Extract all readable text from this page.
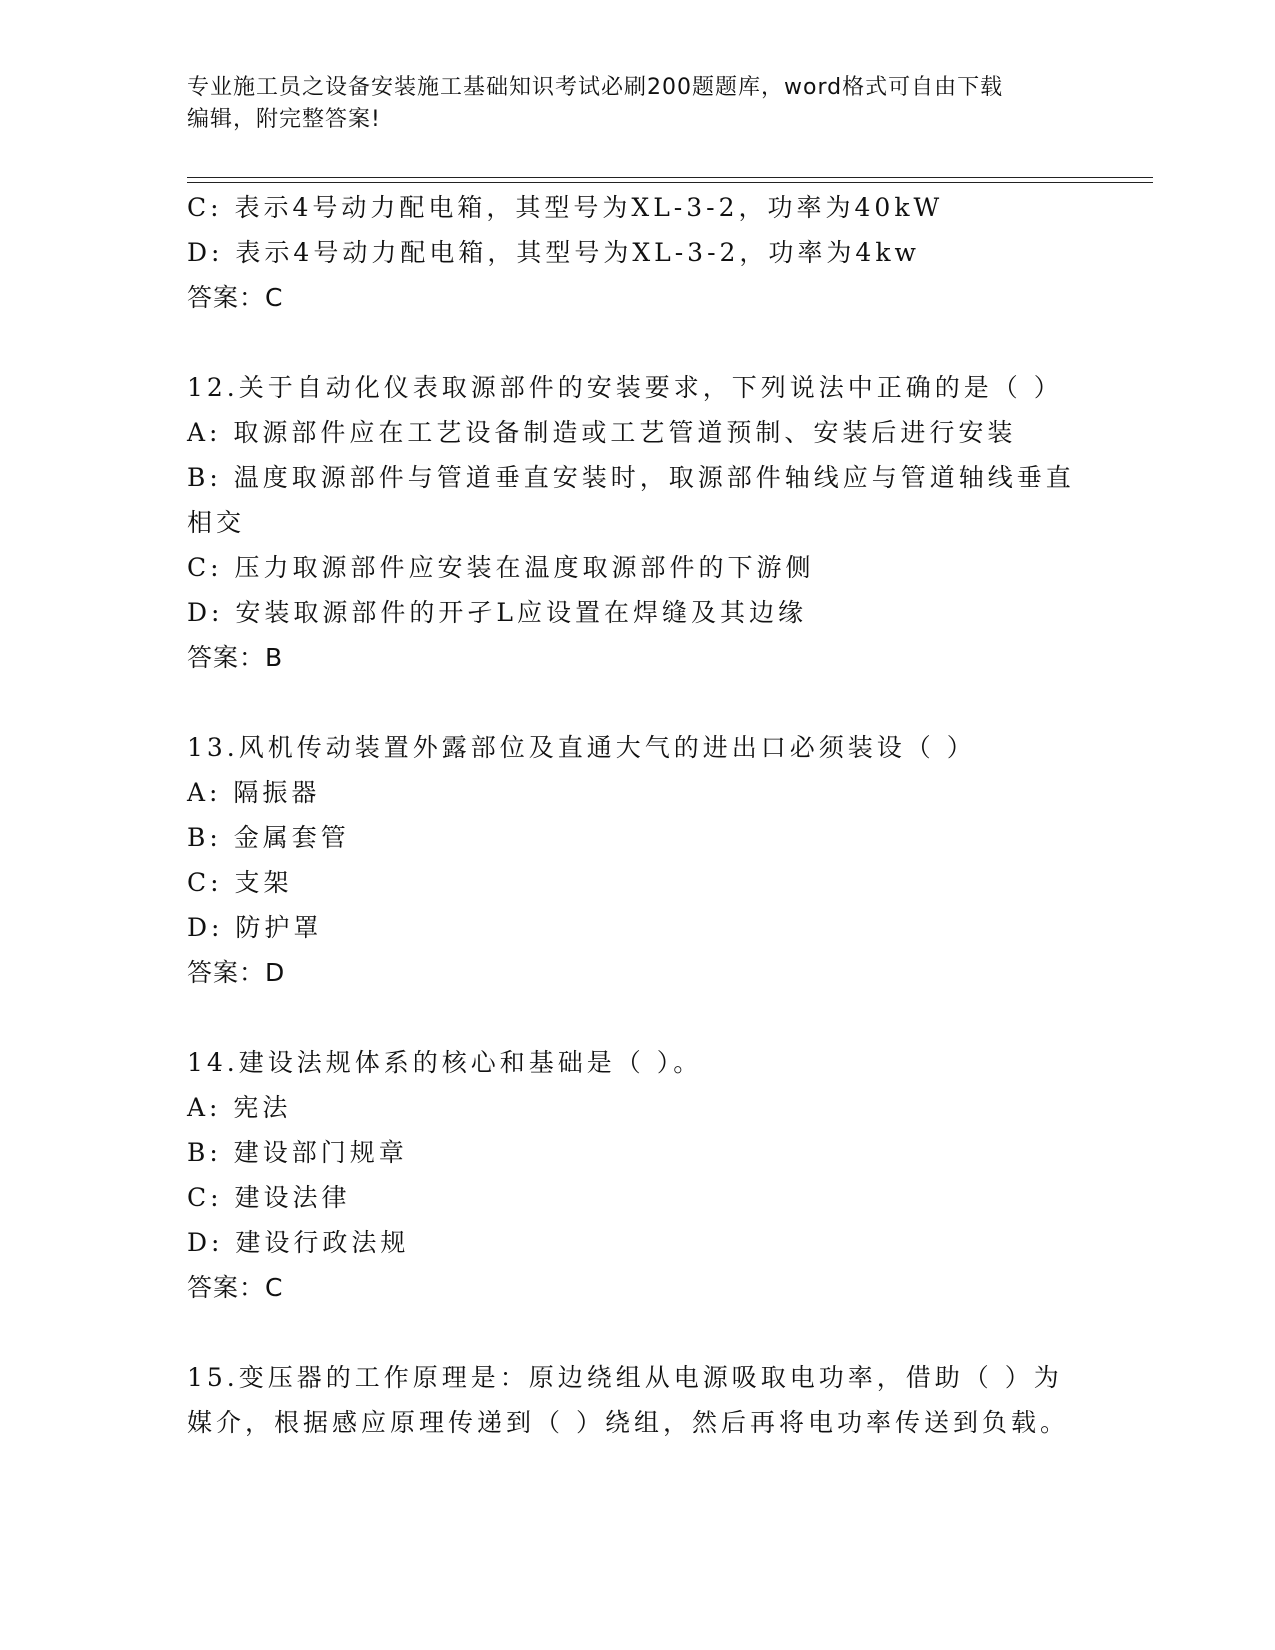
专业施工员之设备安装施工基础知识考试必刷200题题库，word格式可自由下载
编辑，附完整答案!
C: 表示4号动力配电箱，其型号为XL-3-2，功率为40kW
D: 表示4号动力配电箱，其型号为XL-3-2，功率为4kw
答案：C
12.关于自动化仪表取源部件的安装要求，下列说法中正确的是（ ）
A: 取源部件应在工艺设备制造或工艺管道预制、安装后进行安装
B: 温度取源部件与管道垂直安装时，取源部件轴线应与管道轴线垂直
相交
C: 压力取源部件应安装在温度取源部件的下游侧
D: 安装取源部件的开孑L应设置在焊缝及其边缘
答案：B
13.风机传动装置外露部位及直通大气的进出口必须装设（ ）
A: 隔振器
B: 金属套管
C: 支架
D: 防护罩
答案：D
14.建设法规体系的核心和基础是（ ）。
A: 宪法
B: 建设部门规章
C: 建设法律
D: 建设行政法规
答案：C
15.变压器的工作原理是：原边绕组从电源吸取电功率，借助（ ）为
媒介，根据感应原理传递到（ ）绕组，然后再将电功率传送到负载。
